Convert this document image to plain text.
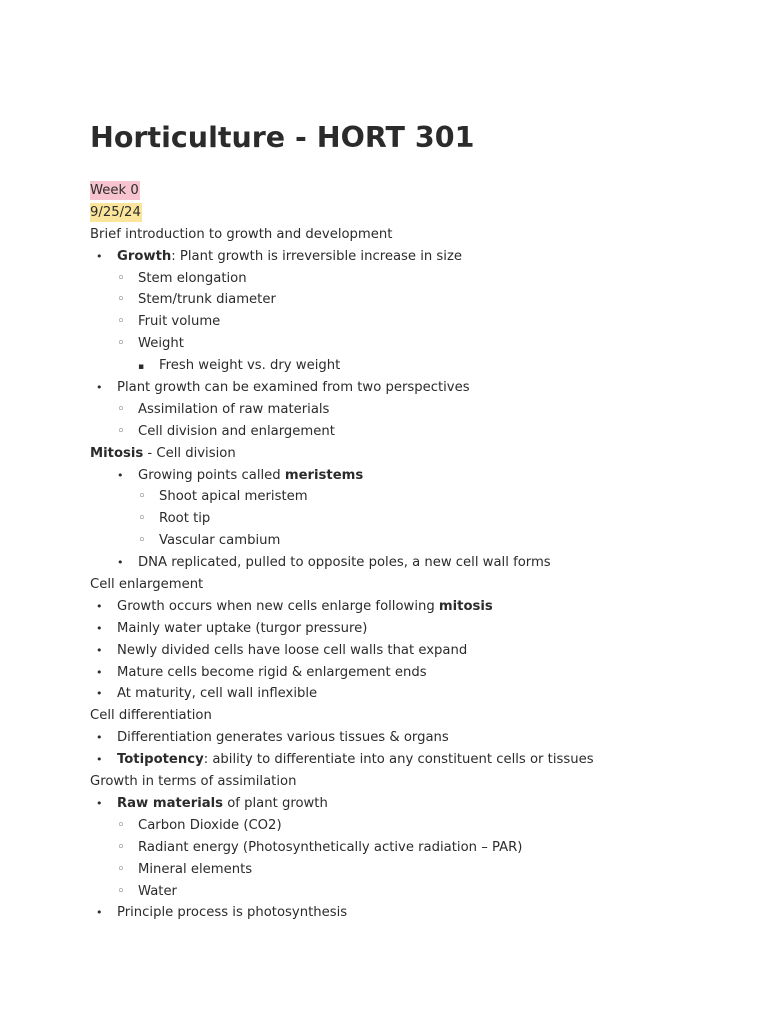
Horticulture - HORT 301
Week 0
9/25/24
Brief introduction to growth and development
•
Growth: Plant growth is irreversible increase in size
◦
Stem elongation
◦
Stem/trunk diameter
◦
Fruit volume
◦
Weight
▪
Fresh weight vs. dry weight
•
Plant growth can be examined from two perspectives
◦
Assimilation of raw materials
◦
Cell division and enlargement
Mitosis - Cell division
•
Growing points called meristems
◦
Shoot apical meristem
◦
Root tip
◦
Vascular cambium
•
DNA replicated, pulled to opposite poles, a new cell wall forms
Cell enlargement
•
Growth occurs when new cells enlarge following mitosis
•
Mainly water uptake (turgor pressure)
•
Newly divided cells have loose cell walls that expand
•
Mature cells become rigid & enlargement ends
•
At maturity, cell wall inflexible
Cell differentiation
•
Differentiation generates various tissues & organs
•
Totipotency: ability to differentiate into any constituent cells or tissues
Growth in terms of assimilation
•
Raw materials of plant growth
◦
Carbon Dioxide (CO2)
◦
Radiant energy (Photosynthetically active radiation – PAR)
◦
Mineral elements
◦
Water
•
Principle process is photosynthesis
